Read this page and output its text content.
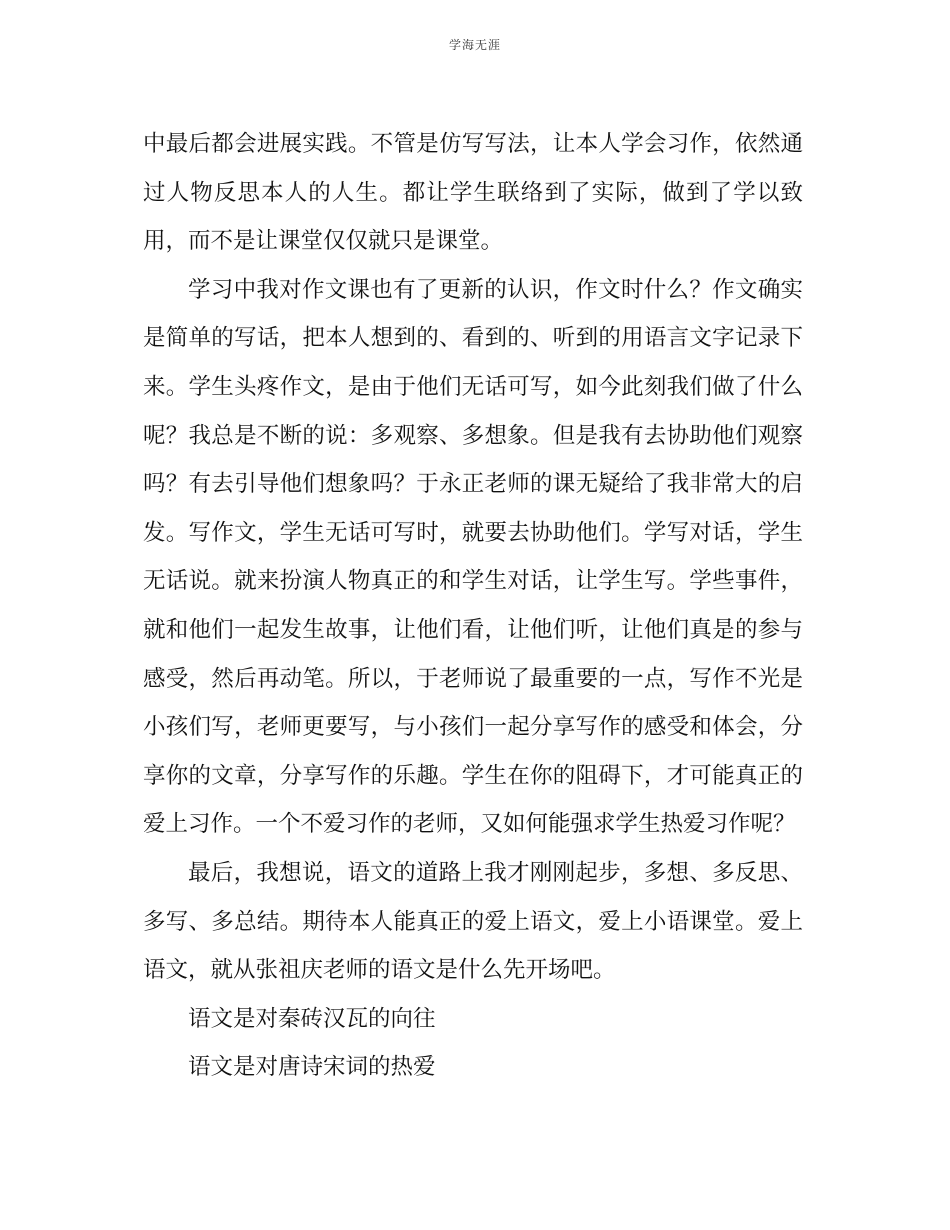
学海无涯

中最后都会进展实践。不管是仿写写法，让本人学会习作，依然通过人物反思本人的人生。都让学生联络到了实际，做到了学以致用，而不是让课堂仅仅就只是课堂。

学习中我对作文课也有了更新的认识，作文时什么？作文确实是简单的写话，把本人想到的、看到的、听到的用语言文字记录下来。学生头疼作文，是由于他们无话可写，如今此刻我们做了什么呢？我总是不断的说：多观察、多想象。但是我有去协助他们观察吗？有去引导他们想象吗？于永正老师的课无疑给了我非常大的启发。写作文，学生无话可写时，就要去协助他们。学写对话，学生无话说。就来扮演人物真正的和学生对话，让学生写。学些事件，就和他们一起发生故事，让他们看，让他们听，让他们真是的参与感受，然后再动笔。所以，于老师说了最重要的一点，写作不光是小孩们写，老师更要写，与小孩们一起分享写作的感受和体会，分享你的文章，分享写作的乐趣。学生在你的阻碍下，才可能真正的爱上习作。一个不爱习作的老师，又如何能强求学生热爱习作呢？

最后，我想说，语文的道路上我才刚刚起步，多想、多反思、多写、多总结。期待本人能真正的爱上语文，爱上小语课堂。爱上语文，就从张祖庆老师的语文是什么先开场吧。

语文是对秦砖汉瓦的向往

语文是对唐诗宋词的热爱
